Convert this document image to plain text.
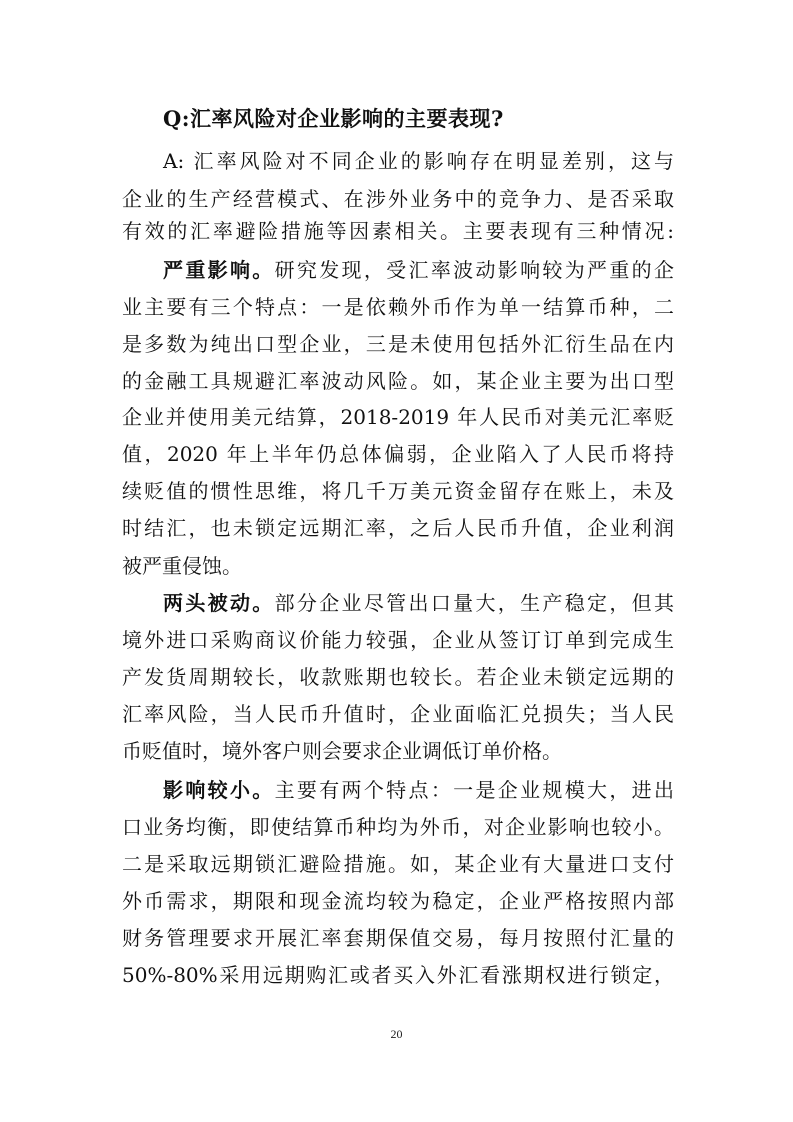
Q:汇率风险对企业影响的主要表现?
A: 汇率风险对不同企业的影响存在明显差别，这与
企业的生产经营模式、在涉外业务中的竞争力、是否采取
有效的汇率避险措施等因素相关。主要表现有三种情况:
严重影响。研究发现，受汇率波动影响较为严重的企
业主要有三个特点：一是依赖外币作为单一结算币种，二
是多数为纯出口型企业，三是未使用包括外汇衍生品在内
的金融工具规避汇率波动风险。如，某企业主要为出口型
企业并使用美元结算，2018-2019 年人民币对美元汇率贬
值，2020 年上半年仍总体偏弱，企业陷入了人民币将持
续贬值的惯性思维，将几千万美元资金留存在账上，未及
时结汇，也未锁定远期汇率，之后人民币升值，企业利润
被严重侵蚀。
两头被动。部分企业尽管出口量大，生产稳定，但其
境外进口采购商议价能力较强，企业从签订订单到完成生
产发货周期较长，收款账期也较长。若企业未锁定远期的
汇率风险，当人民币升值时，企业面临汇兑损失；当人民
币贬值时，境外客户则会要求企业调低订单价格。
影响较小。主要有两个特点：一是企业规模大，进出
口业务均衡，即使结算币种均为外币，对企业影响也较小。
二是采取远期锁汇避险措施。如，某企业有大量进口支付
外币需求，期限和现金流均较为稳定，企业严格按照内部
财务管理要求开展汇率套期保值交易，每月按照付汇量的
50%-80%采用远期购汇或者买入外汇看涨期权进行锁定，
20
